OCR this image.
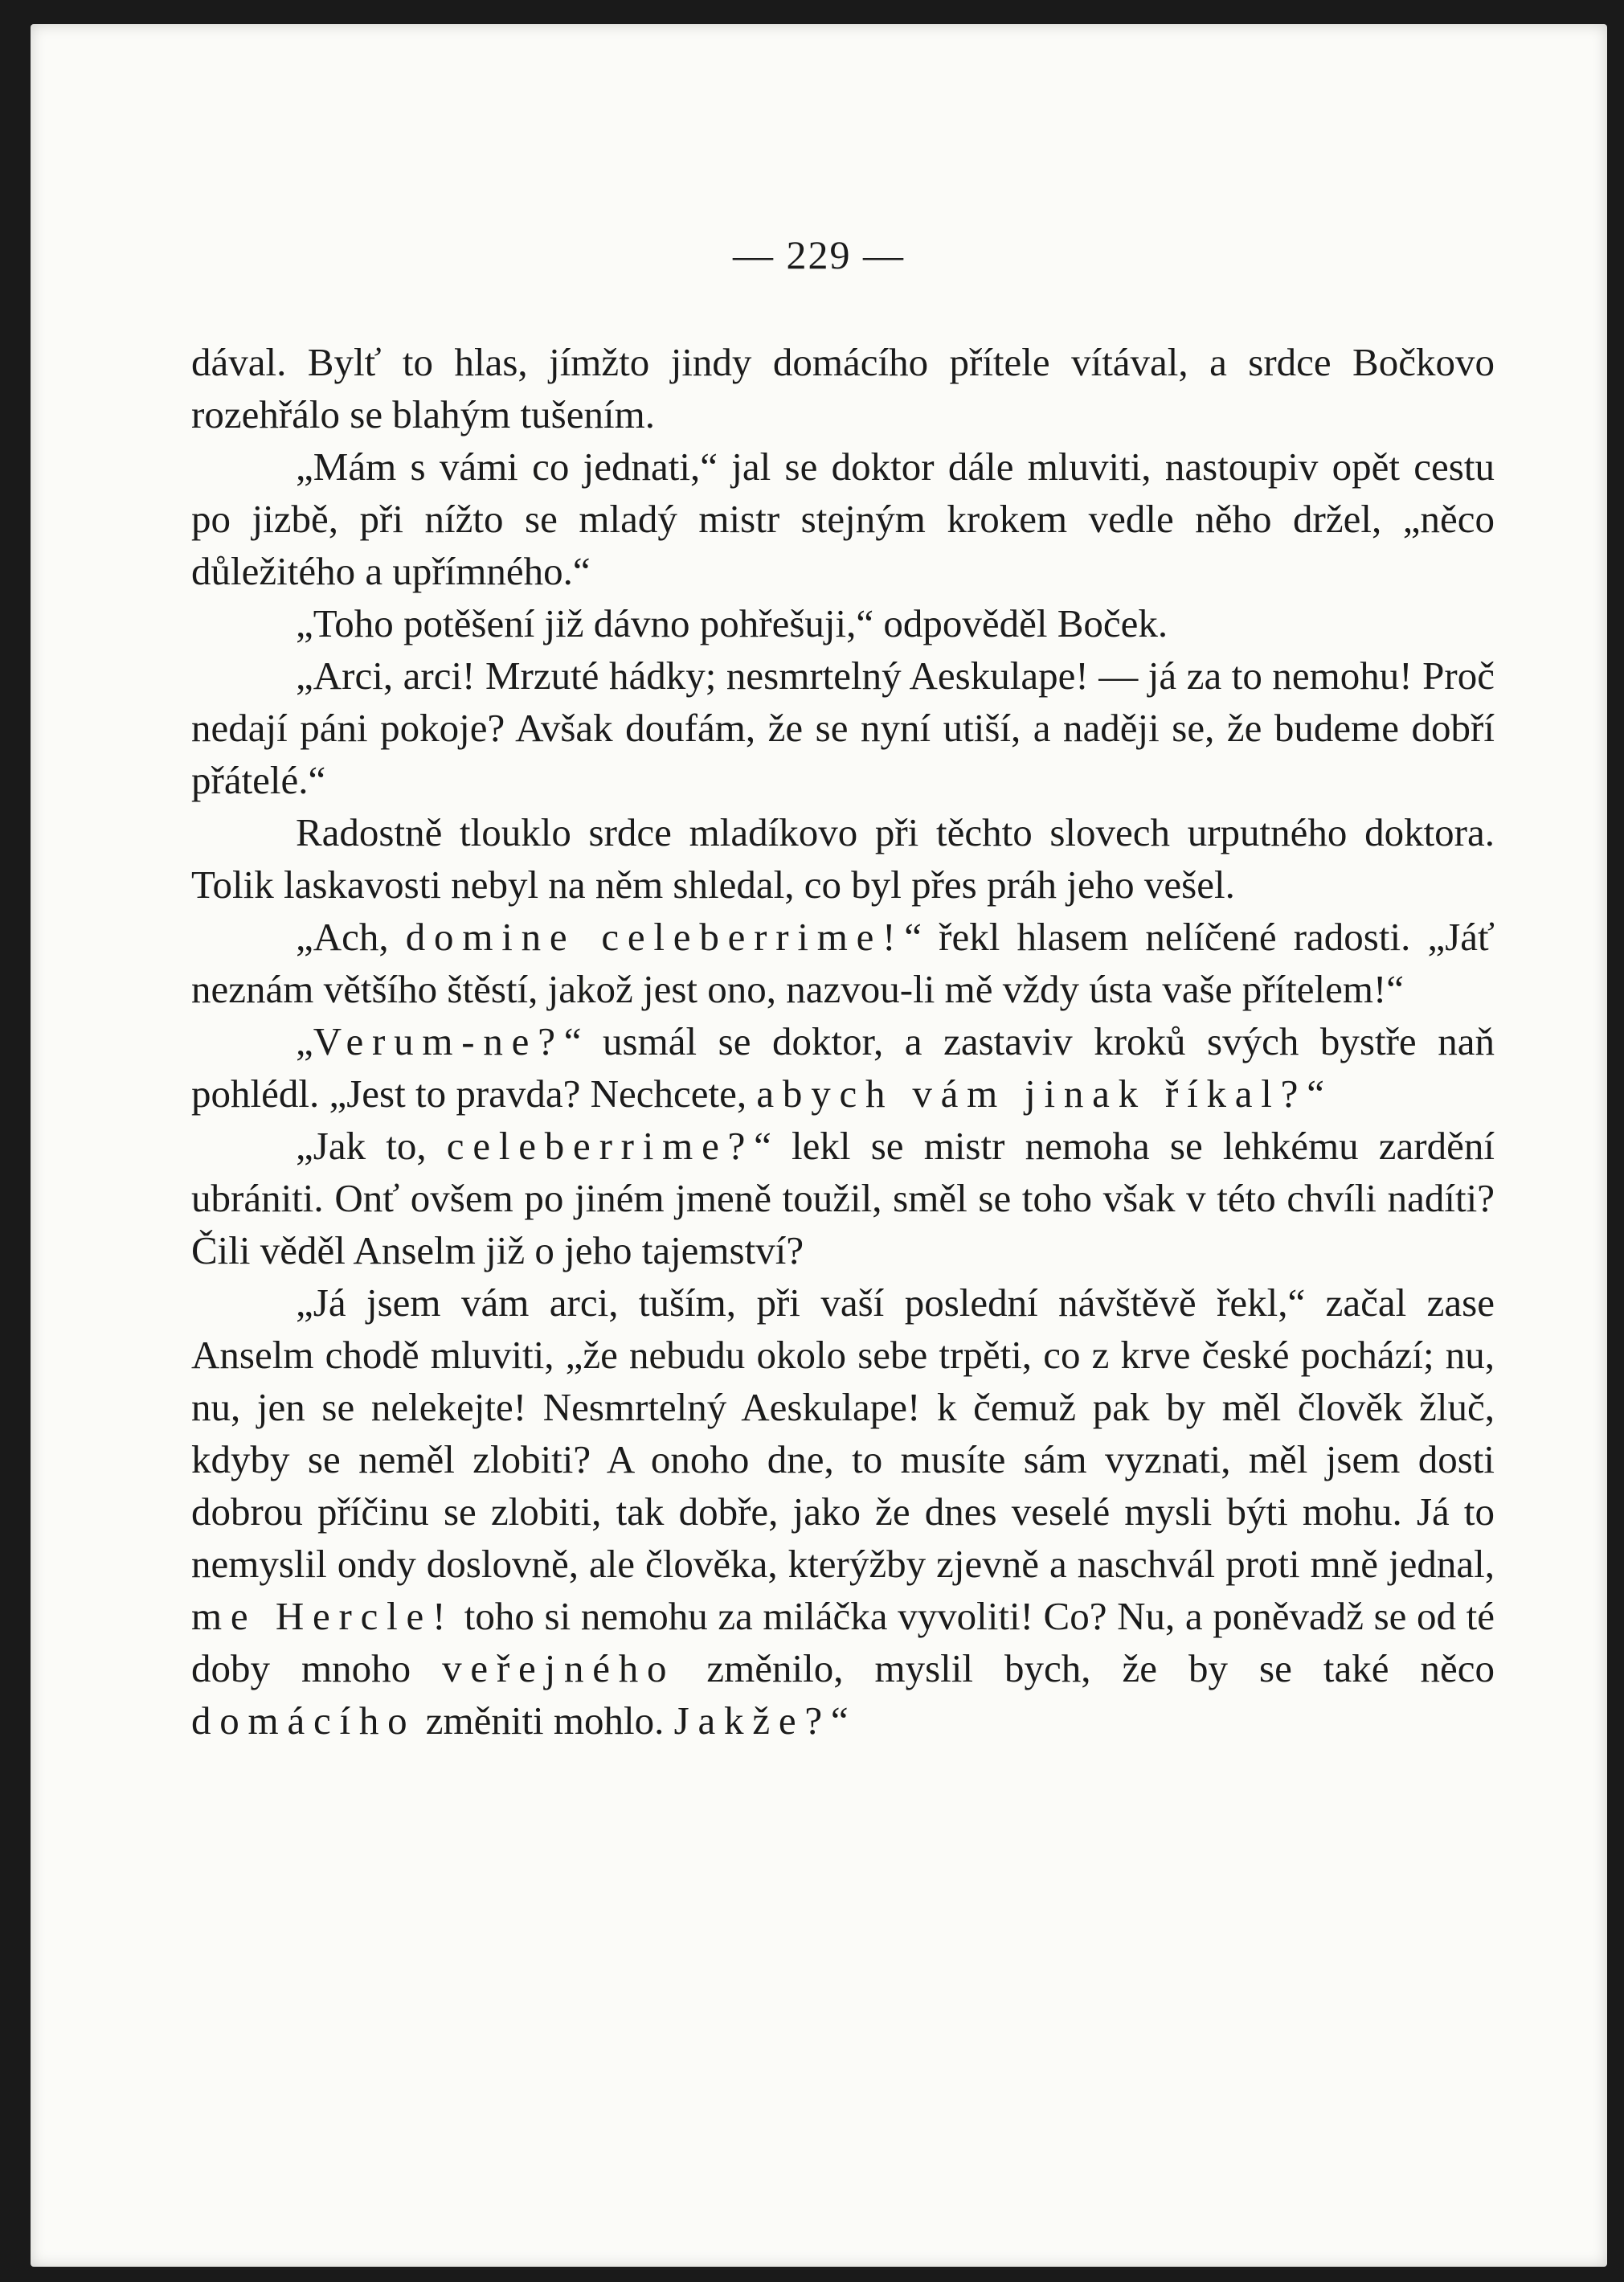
— 229 —

dával. Bylť to hlas, jímžto jindy domácího přítele vítával, a srdce Bočkovo rozehřálo se blahým tušením.

„Mám s vámi co jednati,“ jal se doktor dále mluviti, nastoupiv opět cestu po jizbě, při nížto se mladý mistr stejným krokem vedle něho držel, „něco důležitého a upřímného.“

„Toho potěšení již dávno pohřešuji,“ odpověděl Boček.

„Arci, arci! Mrzuté hádky; nesmrtelný Aeskulape! — já za to nemohu! Proč nedají páni pokoje? Avšak doufám, že se nyní utiší, a naději se, že budeme dobří přátelé.“

Radostně tlouklo srdce mladíkovo při těchto slovech urputného doktora. Tolik laskavosti nebyl na něm shledal, co byl přes práh jeho vešel.

„Ach, domine celeberrime!“ řekl hlasem nelíčené radosti. „Jáť neznám většího štěstí, jakož jest ono, nazvou-li mě vždy ústa vaše přítelem!“

„Verum-ne?“ usmál se doktor, a zastaviv kroků svých bystře naň pohlédl. „Jest to pravda? Nechcete, abych vám jinak říkal?“

„Jak to, celeberrime?“ lekl se mistr nemoha se lehkému zardění ubrániti. Onť ovšem po jiném jmeně toužil, směl se toho však v této chvíli nadíti? Čili věděl Anselm již o jeho tajemství?

„Já jsem vám arci, tuším, při vaší poslední návštěvě řekl,“ začal zase Anselm chodě mluviti, „že nebudu okolo sebe trpěti, co z krve české pochází; nu, nu, jen se nelekejte! Nesmrtelný Aeskulape! k čemuž pak by měl člověk žluč, kdyby se neměl zlobiti? A onoho dne, to musíte sám vyznati, měl jsem dosti dobrou příčinu se zlobiti, tak dobře, jako že dnes veselé mysli býti mohu. Já to nemyslil ondy doslovně, ale člověka, kterýžby zjevně a naschvál proti mně jednal, me Hercle! toho si nemohu za miláčka vyvoliti! Co? Nu, a poněvadž se od té doby mnoho veřejného změnilo, myslil bych, že by se také něco domácího změniti mohlo. Jakže?“
